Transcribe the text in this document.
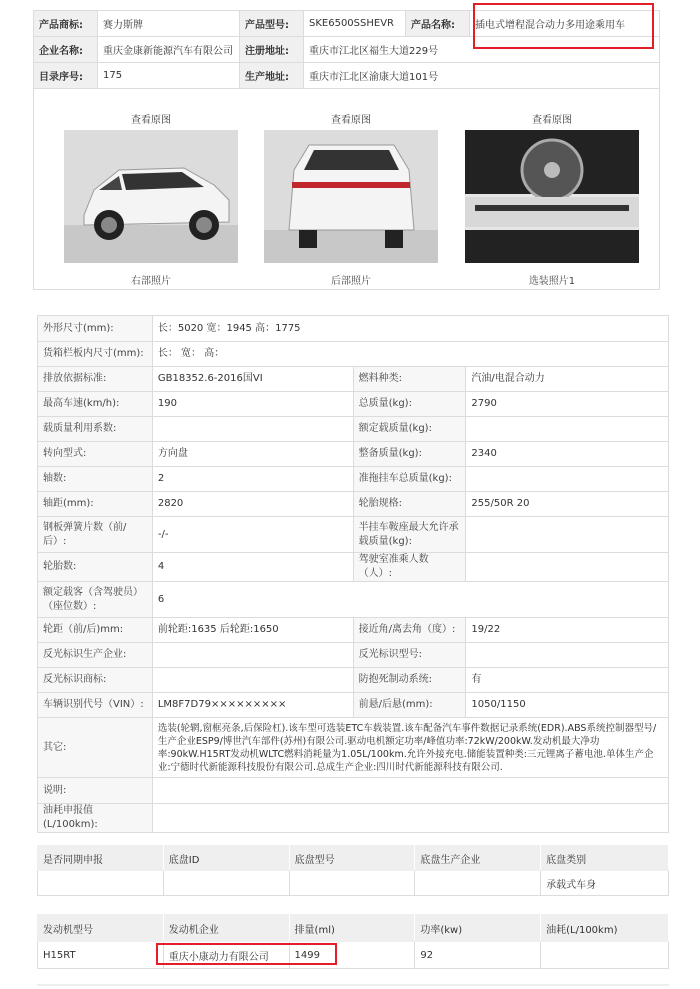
产品商标:	赛力斯牌	产品型号:	SKE6500SSHEVR	产品名称:	插电式增程混合动力多用途乘用车
企业名称:	重庆金康新能源汽车有限公司	注册地址:	重庆市江北区福生大道229号		
目录序号:	175	生产地址:	重庆市江北区渝康大道101号		
查看原图
右部照片
查看原图
后部照片
查看原图
选装照片1
外形尺寸(mm):	长：5020 宽：1945 高：1775		
货箱栏板内尺寸(mm):	长： 宽： 高：		
排放依据标准:	GB18352.6-2016国VI	燃料种类:	汽油/电混合动力
最高车速(km/h):	190	总质量(kg):	2790
载质量利用系数:		额定载质量(kg):	
转向型式:	方向盘	整备质量(kg):	2340
轴数:	2	准拖挂车总质量(kg):	
轴距(mm):	2820	轮胎规格:	255/50R 20
钢板弹簧片数（前/后）:	-/-	半挂车鞍座最大允许承载质量(kg):	
轮胎数:	4	驾驶室准乘人数（人）:	
额定载客（含驾驶员）（座位数）:	6		
轮距（前/后)mm:	前轮距:1635 后轮距:1650	接近角/离去角（度）:	19/22
反光标识生产企业:		反光标识型号:	
反光标识商标:		防抱死制动系统:	有
车辆识别代号（VIN）:	LM8F7D79×××××××××	前悬/后悬(mm):	1050/1150
其它:	选装(轮辋,窗框亮条,后保险杠).该车型可选装ETC车载装置.该车配备汽车事件数据记录系统(EDR).ABS系统控制器型号/生产企业ESP9/博世汽车部件(苏州)有限公司.驱动电机额定功率/峰值功率:72kW/200kW.发动机最大净功率:90kW.H15RT发动机WLTC燃料消耗量为1.05L/100km.允许外接充电.储能装置种类:三元锂离子蓄电池.单体生产企业:宁德时代新能源科技股份有限公司.总成生产企业:四川时代新能源科技有限公司.		
说明:			
油耗申报值(L/100km):			
是否同期申报	底盘ID	底盘型号	底盘生产企业	底盘类别
				承载式车身
发动机型号	发动机企业	排量(ml)	功率(kw)	油耗(L/100km)
H15RT	重庆小康动力有限公司	1499	92	
